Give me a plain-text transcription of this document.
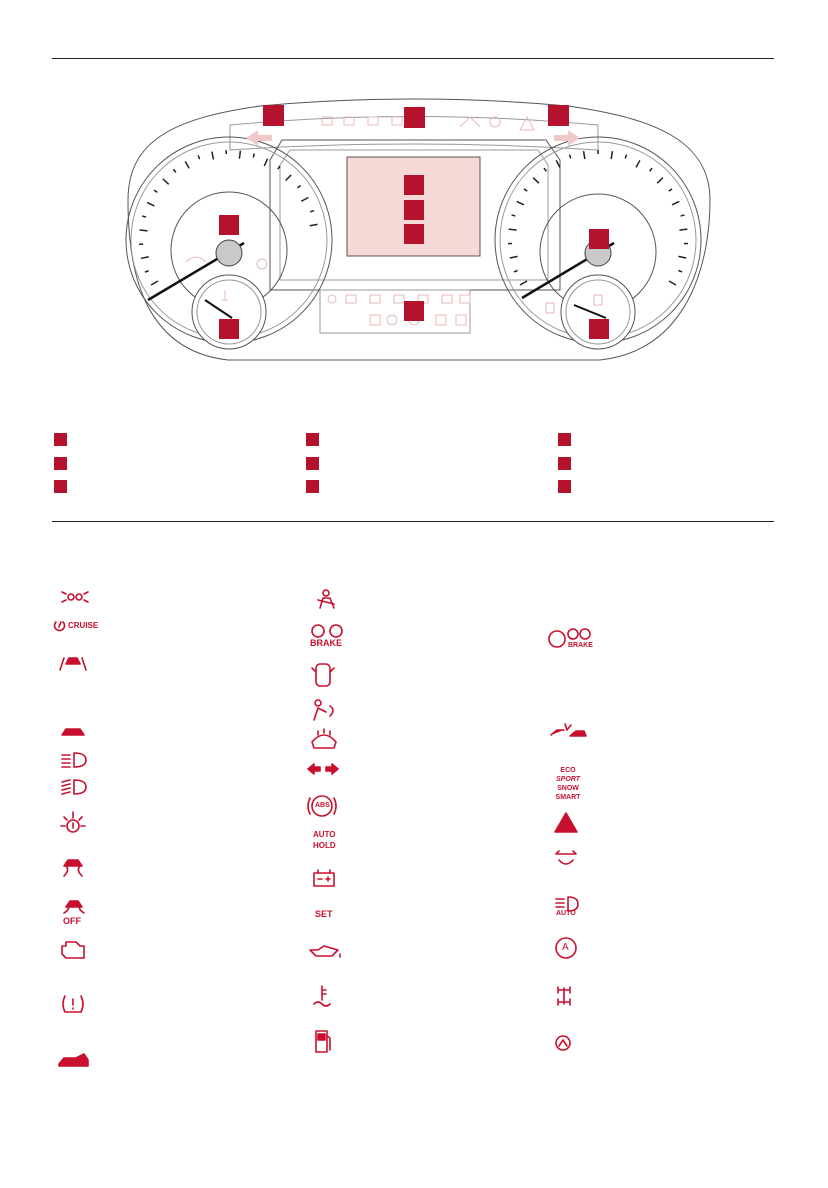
CRUISE
BRAKE	BRAKE
ABS
AUTO
HOLD
ECO
SPORT
SNOW
SMART
SET
OFF
AUTO
A
